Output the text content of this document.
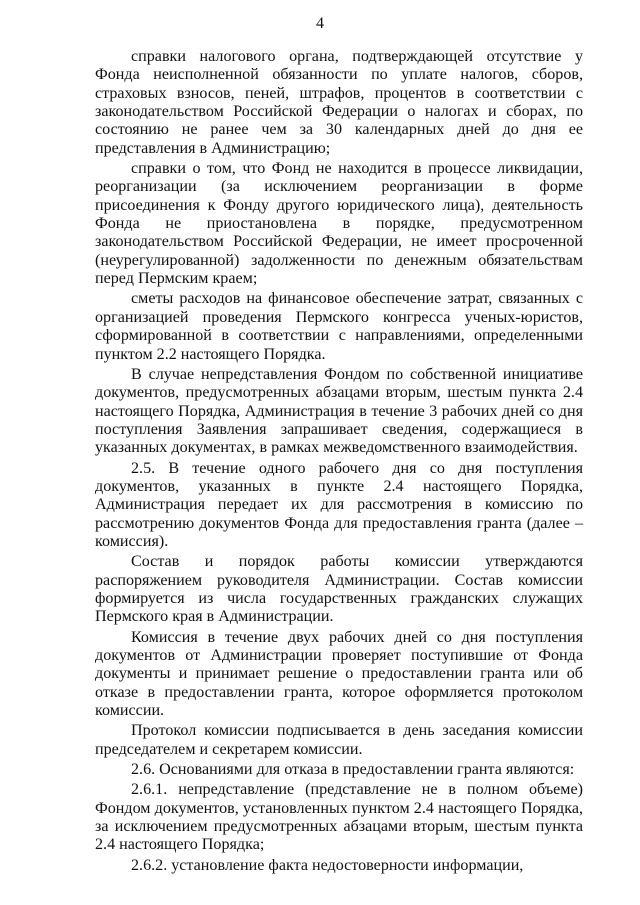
4

справки налогового органа, подтверждающей отсутствие у Фонда неисполненной обязанности по уплате налогов, сборов, страховых взносов, пеней, штрафов, процентов в соответствии с законодательством Российской Федерации о налогах и сборах, по состоянию не ранее чем за 30 календарных дней до дня ее представления в Администрацию;

справки о том, что Фонд не находится в процессе ликвидации, реорганизации (за исключением реорганизации в форме присоединения к Фонду другого юридического лица), деятельность Фонда не приостановлена в порядке, предусмотренном законодательством Российской Федерации, не имеет просроченной (неурегулированной) задолженности по денежным обязательствам перед Пермским краем;

сметы расходов на финансовое обеспечение затрат, связанных с организацией проведения Пермского конгресса ученых-юристов, сформированной в соответствии с направлениями, определенными пунктом 2.2 настоящего Порядка.

В случае непредставления Фондом по собственной инициативе документов, предусмотренных абзацами вторым, шестым пункта 2.4 настоящего Порядка, Администрация в течение 3 рабочих дней со дня поступления Заявления запрашивает сведения, содержащиеся в указанных документах, в рамках межведомственного взаимодействия.

2.5. В течение одного рабочего дня со дня поступления документов, указанных в пункте 2.4 настоящего Порядка, Администрация передает их для рассмотрения в комиссию по рассмотрению документов Фонда для предоставления гранта (далее – комиссия).

Состав и порядок работы комиссии утверждаются распоряжением руководителя Администрации. Состав комиссии формируется из числа государственных гражданских служащих Пермского края в Администрации.

Комиссия в течение двух рабочих дней со дня поступления документов от Администрации проверяет поступившие от Фонда документы и принимает решение о предоставлении гранта или об отказе в предоставлении гранта, которое оформляется протоколом комиссии.

Протокол комиссии подписывается в день заседания комиссии председателем и секретарем комиссии.

2.6. Основаниями для отказа в предоставлении гранта являются:

2.6.1. непредставление (представление не в полном объеме) Фондом документов, установленных пунктом 2.4 настоящего Порядка, за исключением предусмотренных абзацами вторым, шестым пункта 2.4 настоящего Порядка;

2.6.2. установление факта недостоверности информации,
